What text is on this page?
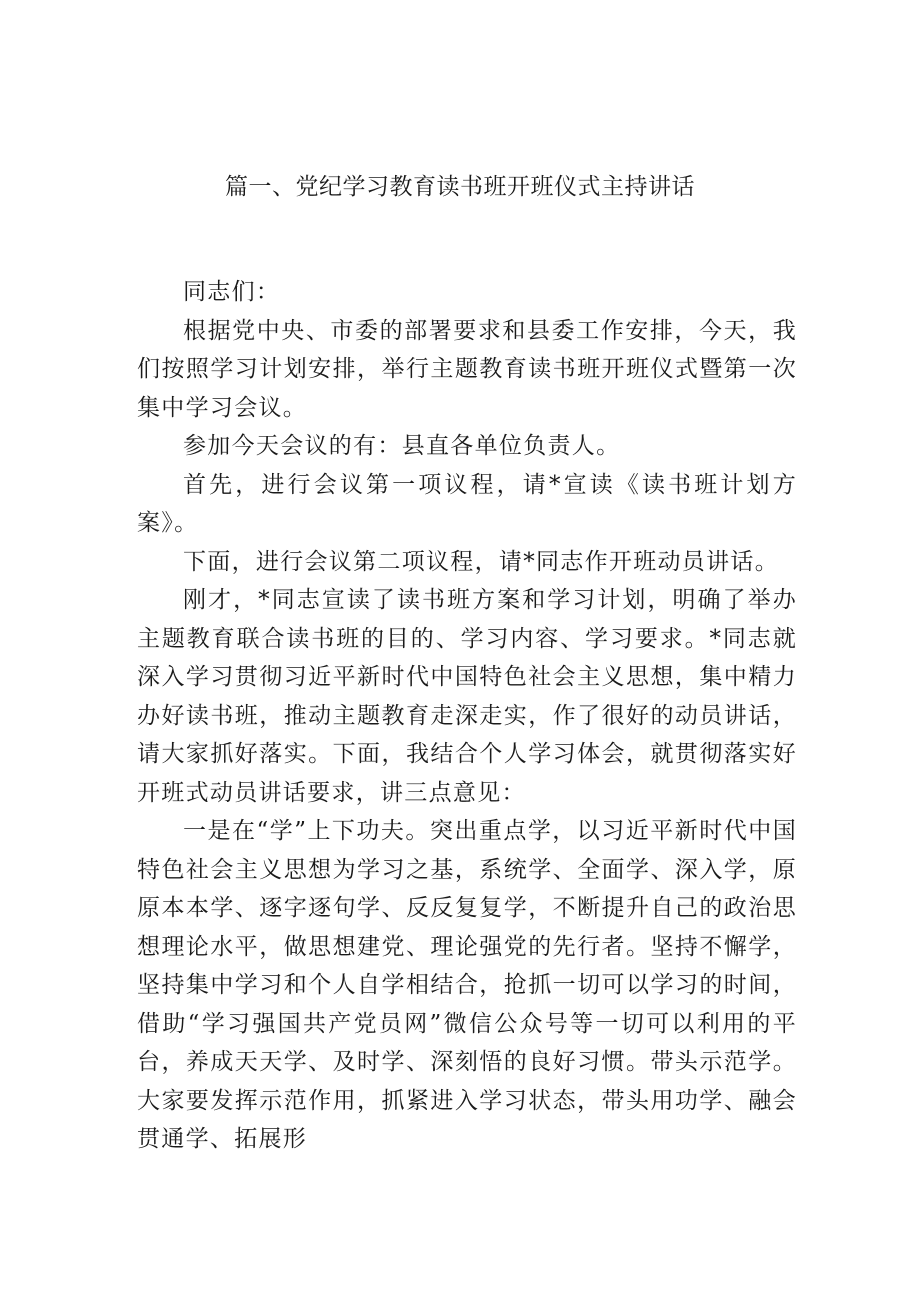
篇一、党纪学习教育读书班开班仪式主持讲话

同志们：

根据党中央、市委的部署要求和县委工作安排，今天，我们按照学习计划安排，举行主题教育读书班开班仪式暨第一次集中学习会议。

参加今天会议的有：县直各单位负责人。

首先，进行会议第一项议程，请*宣读《读书班计划方案》。

下面，进行会议第二项议程，请*同志作开班动员讲话。

刚才，*同志宣读了读书班方案和学习计划，明确了举办主题教育联合读书班的目的、学习内容、学习要求。*同志就深入学习贯彻习近平新时代中国特色社会主义思想，集中精力办好读书班，推动主题教育走深走实，作了很好的动员讲话，请大家抓好落实。下面，我结合个人学习体会，就贯彻落实好开班式动员讲话要求，讲三点意见：

一是在“学”上下功夫。突出重点学，以习近平新时代中国特色社会主义思想为学习之基，系统学、全面学、深入学，原原本本学、逐字逐句学、反反复复学，不断提升自己的政治思想理论水平，做思想建党、理论强党的先行者。坚持不懈学，坚持集中学习和个人自学相结合，抢抓一切可以学习的时间，借助“学习强国共产党员网”微信公众号等一切可以利用的平台，养成天天学、及时学、深刻悟的良好习惯。带头示范学。大家要发挥示范作用，抓紧进入学习状态，带头用功学、融会贯通学、拓展形
